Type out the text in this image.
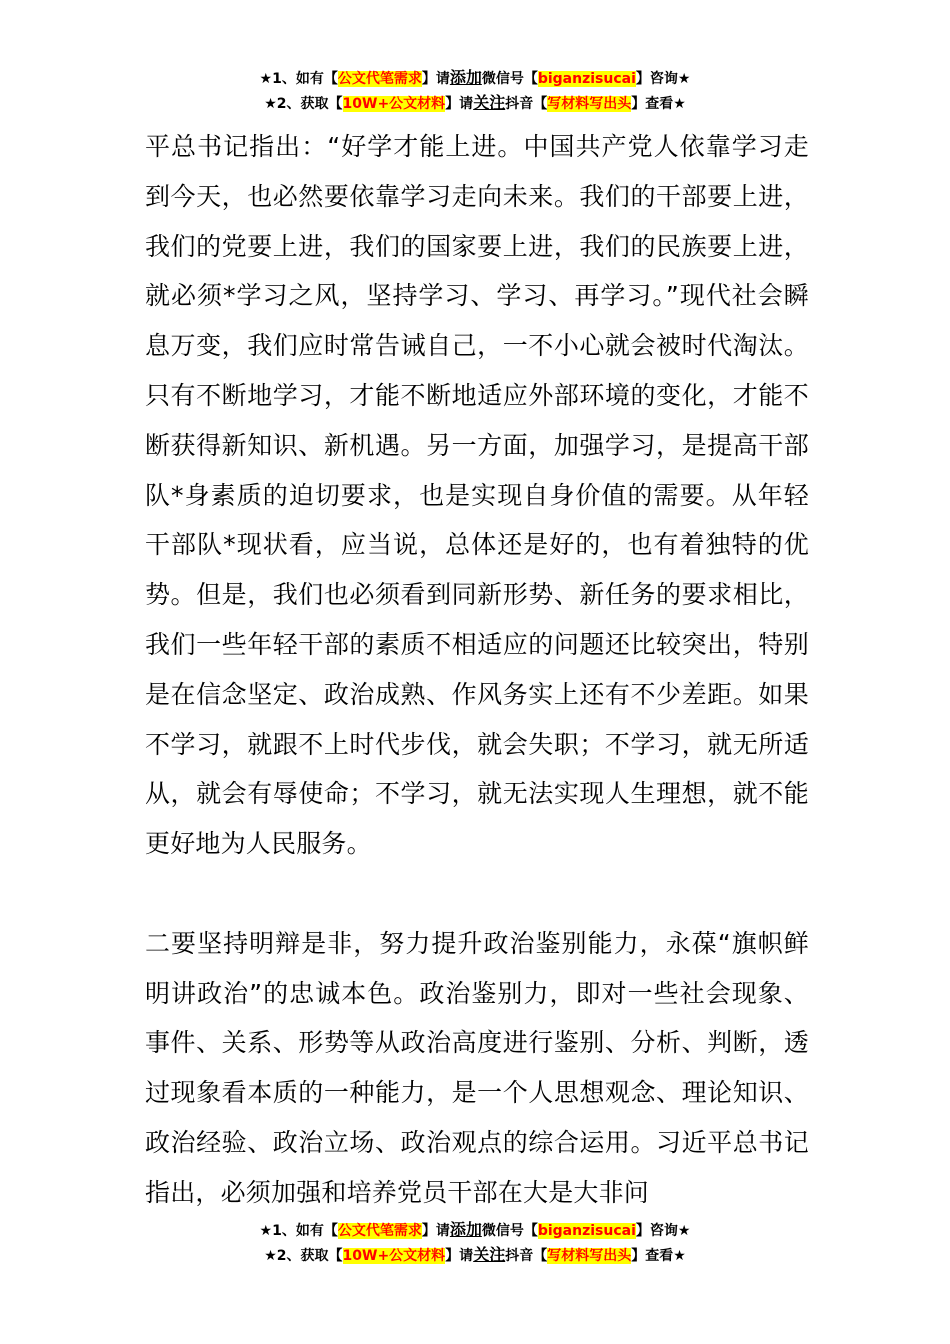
★1、如有【公文代笔需求】请添加微信号【biganzisucai】咨询★
★2、获取【10W+公文材料】请关注抖音【写材料写出头】查看★

平总书记指出：“好学才能上进。中国共产党人依靠学习走到今天，也必然要依靠学习走向未来。我们的干部要上进，我们的党要上进，我们的国家要上进，我们的民族要上进，就必须*学习之风，坚持学习、学习、再学习。”现代社会瞬息万变，我们应时常告诫自己，一不小心就会被时代淘汰。只有不断地学习，才能不断地适应外部环境的变化，才能不断获得新知识、新机遇。另一方面，加强学习，是提高干部队*身素质的迫切要求，也是实现自身价值的需要。从年轻干部队*现状看，应当说，总体还是好的，也有着独特的优势。但是，我们也必须看到同新形势、新任务的要求相比，我们一些年轻干部的素质不相适应的问题还比较突出，特别是在信念坚定、政治成熟、作风务实上还有不少差距。如果不学习，就跟不上时代步伐，就会失职；不学习，就无所适从，就会有辱使命；不学习，就无法实现人生理想，就不能更好地为人民服务。

二要坚持明辩是非，努力提升政治鉴别能力，永葆“旗帜鲜明讲政治”的忠诚本色。政治鉴别力，即对一些社会现象、事件、关系、形势等从政治高度进行鉴别、分析、判断，透过现象看本质的一种能力，是一个人思想观念、理论知识、政治经验、政治立场、政治观点的综合运用。习近平总书记指出，必须加强和培养党员干部在大是大非问

★1、如有【公文代笔需求】请添加微信号【biganzisucai】咨询★
★2、获取【10W+公文材料】请关注抖音【写材料写出头】查看★
